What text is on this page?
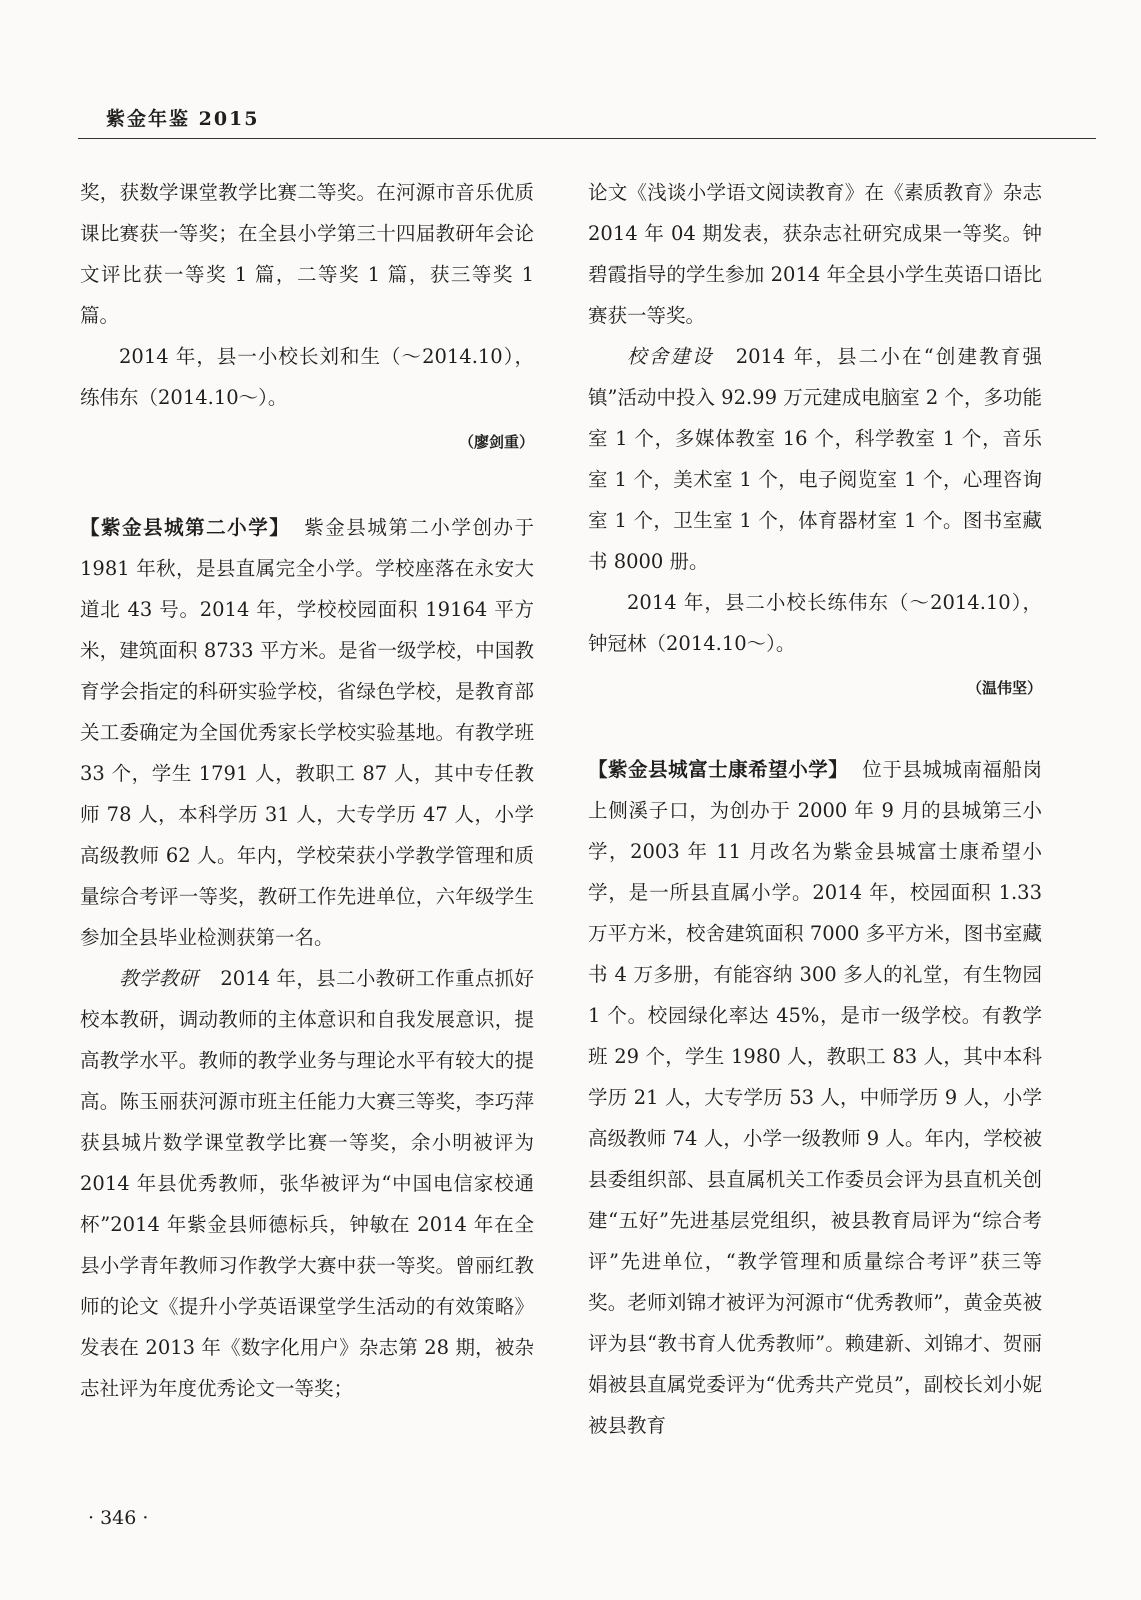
紫金年鉴 2015

奖，获数学课堂教学比赛二等奖。在河源市音乐优质课比赛获一等奖；在全县小学第三十四届教研年会论文评比获一等奖 1 篇，二等奖 1 篇，获三等奖 1 篇。

2014 年，县一小校长刘和生（～2014.10），练伟东（2014.10～）。

（廖剑重）

【紫金县城第二小学】 紫金县城第二小学创办于 1981 年秋，是县直属完全小学。学校座落在永安大道北 43 号。2014 年，学校校园面积 19164 平方米，建筑面积 8733 平方米。是省一级学校，中国教育学会指定的科研实验学校，省绿色学校，是教育部关工委确定为全国优秀家长学校实验基地。有教学班 33 个，学生 1791 人，教职工 87 人，其中专任教师 78 人，本科学历 31 人，大专学历 47 人，小学高级教师 62 人。年内，学校荣获小学教学管理和质量综合考评一等奖，教研工作先进单位，六年级学生参加全县毕业检测获第一名。

教学教研 2014 年，县二小教研工作重点抓好校本教研，调动教师的主体意识和自我发展意识，提高教学水平。教师的教学业务与理论水平有较大的提高。陈玉丽获河源市班主任能力大赛三等奖，李巧萍获县城片数学课堂教学比赛一等奖，余小明被评为 2014 年县优秀教师，张华被评为“中国电信家校通杯”2014 年紫金县师德标兵，钟敏在 2014 年在全县小学青年教师习作教学大赛中获一等奖。曾丽红教师的论文《提升小学英语课堂学生活动的有效策略》发表在 2013 年《数字化用户》杂志第 28 期，被杂志社评为年度优秀论文一等奖；

论文《浅谈小学语文阅读教育》在《素质教育》杂志 2014 年 04 期发表，获杂志社研究成果一等奖。钟碧霞指导的学生参加 2014 年全县小学生英语口语比赛获一等奖。

校舍建设 2014 年，县二小在“创建教育强镇”活动中投入 92.99 万元建成电脑室 2 个，多功能室 1 个，多媒体教室 16 个，科学教室 1 个，音乐室 1 个，美术室 1 个，电子阅览室 1 个，心理咨询室 1 个，卫生室 1 个，体育器材室 1 个。图书室藏书 8000 册。

2014 年，县二小校长练伟东（～2014.10），钟冠林（2014.10～）。

（温伟坚）

【紫金县城富士康希望小学】 位于县城城南福船岗上侧溪子口，为创办于 2000 年 9 月的县城第三小学，2003 年 11 月改名为紫金县城富士康希望小学，是一所县直属小学。2014 年，校园面积 1.33 万平方米，校舍建筑面积 7000 多平方米，图书室藏书 4 万多册，有能容纳 300 多人的礼堂，有生物园 1 个。校园绿化率达 45%，是市一级学校。有教学班 29 个，学生 1980 人，教职工 83 人，其中本科学历 21 人，大专学历 53 人，中师学历 9 人，小学高级教师 74 人，小学一级教师 9 人。年内，学校被县委组织部、县直属机关工作委员会评为县直机关创建“五好”先进基层党组织，被县教育局评为“综合考评”先进单位，“教学管理和质量综合考评”获三等奖。老师刘锦才被评为河源市“优秀教师”，黄金英被评为县“教书育人优秀教师”。赖建新、刘锦才、贺丽娟被县直属党委评为“优秀共产党员”，副校长刘小妮被县教育

· 346 ·
